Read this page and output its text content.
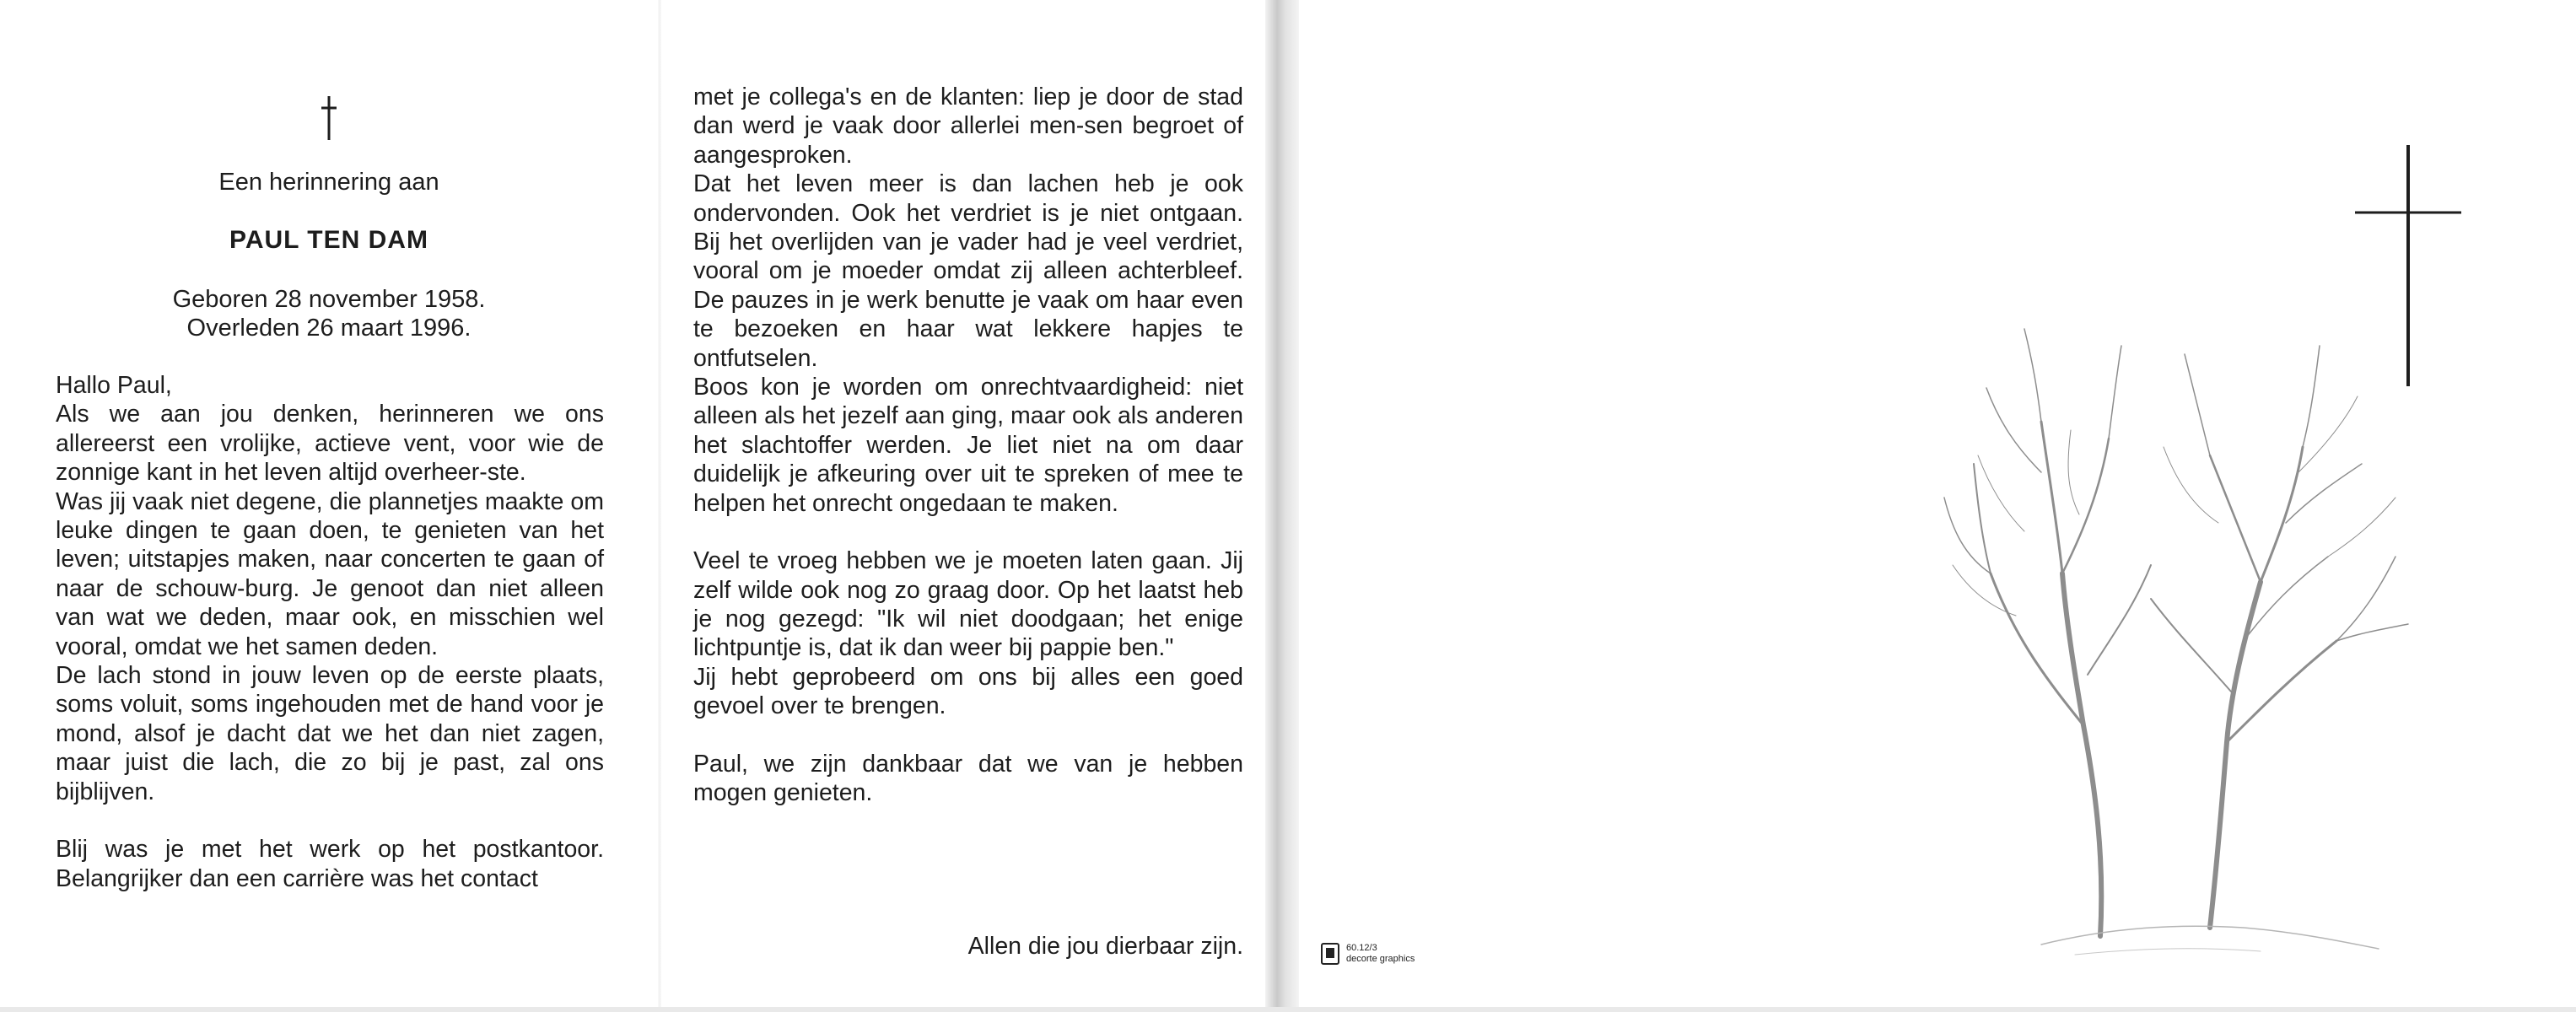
Een herinnering aan
PAUL TEN DAM
Geboren 28 november 1958.
Overleden 26 maart 1996.

Hallo Paul,

Als we aan jou denken, herinneren we ons allereerst een vrolijke, actieve vent, voor wie de zonnige kant in het leven altijd overheer-ste.

Was jij vaak niet degene, die plannetjes maakte om leuke dingen te gaan doen, te genieten van het leven; uitstapjes maken, naar concerten te gaan of naar de schouw-burg. Je genoot dan niet alleen van wat we deden, maar ook, en misschien wel vooral, omdat we het samen deden.

De lach stond in jouw leven op de eerste plaats, soms voluit, soms ingehouden met de hand voor je mond, alsof je dacht dat we het dan niet zagen, maar juist die lach, die zo bij je past, zal ons bijblijven.

Blij was je met het werk op het postkantoor. Belangrijker dan een carrière was het contact

met je collega's en de klanten: liep je door de stad dan werd je vaak door allerlei men-sen begroet of aangesproken.

Dat het leven meer is dan lachen heb je ook ondervonden. Ook het verdriet is je niet ontgaan. Bij het overlijden van je vader had je veel verdriet, vooral om je moeder omdat zij alleen achterbleef. De pauzes in je werk benutte je vaak om haar even te bezoeken en haar wat lekkere hapjes te ontfutselen.

Boos kon je worden om onrechtvaardigheid: niet alleen als het jezelf aan ging, maar ook als anderen het slachtoffer werden. Je liet niet na om daar duidelijk je afkeuring over uit te spreken of mee te helpen het onrecht ongedaan te maken.

Veel te vroeg hebben we je moeten laten gaan. Jij zelf wilde ook nog zo graag door. Op het laatst heb je nog gezegd: "Ik wil niet doodgaan; het enige lichtpuntje is, dat ik dan weer bij pappie ben."

Jij hebt geprobeerd om ons bij alles een goed gevoel over te brengen.

Paul, we zijn dankbaar dat we van je hebben mogen genieten.

Allen die jou dierbaar zijn.	60.12/3
decorte graphics
